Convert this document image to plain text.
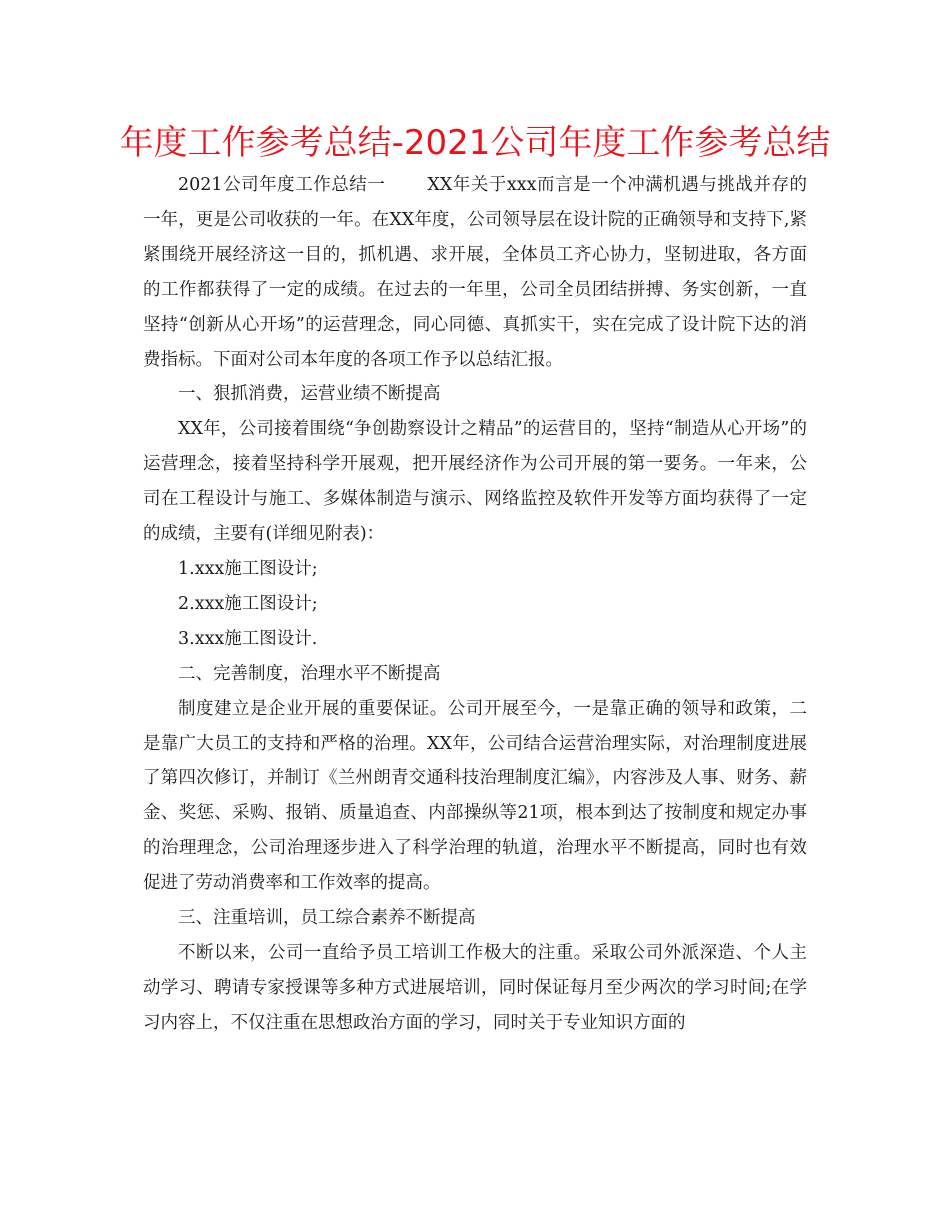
年度工作参考总结-2021公司年度工作参考总结

2021公司年度工作总结一 XX年关于xxx而言是一个冲满机遇与挑战并存的一年，更是公司收获的一年。在XX年度，公司领导层在设计院的正确领导和支持下,紧紧围绕开展经济这一目的，抓机遇、求开展，全体员工齐心协力，坚韧进取，各方面的工作都获得了一定的成绩。在过去的一年里，公司全员团结拼搏、务实创新，一直坚持“创新从心开场”的运营理念，同心同德、真抓实干，实在完成了设计院下达的消费指标。下面对公司本年度的各项工作予以总结汇报。

一、狠抓消费，运营业绩不断提高

XX年，公司接着围绕“争创勘察设计之精品”的运营目的，坚持“制造从心开场”的运营理念，接着坚持科学开展观，把开展经济作为公司开展的第一要务。一年来，公司在工程设计与施工、多媒体制造与演示、网络监控及软件开发等方面均获得了一定的成绩，主要有(详细见附表)：

1.xxx施工图设计;

2.xxx施工图设计;

3.xxx施工图设计.

二、完善制度，治理水平不断提高

制度建立是企业开展的重要保证。公司开展至今，一是靠正确的领导和政策，二是靠广大员工的支持和严格的治理。XX年，公司结合运营治理实际，对治理制度进展了第四次修订，并制订《兰州朗青交通科技治理制度汇编》，内容涉及人事、财务、薪金、奖惩、采购、报销、质量追查、内部操纵等21项，根本到达了按制度和规定办事的治理理念，公司治理逐步进入了科学治理的轨道，治理水平不断提高，同时也有效促进了劳动消费率和工作效率的提高。

三、注重培训，员工综合素养不断提高

不断以来，公司一直给予员工培训工作极大的注重。采取公司外派深造、个人主动学习、聘请专家授课等多种方式进展培训，同时保证每月至少两次的学习时间;在学习内容上，不仅注重在思想政治方面的学习，同时关于专业知识方面的
